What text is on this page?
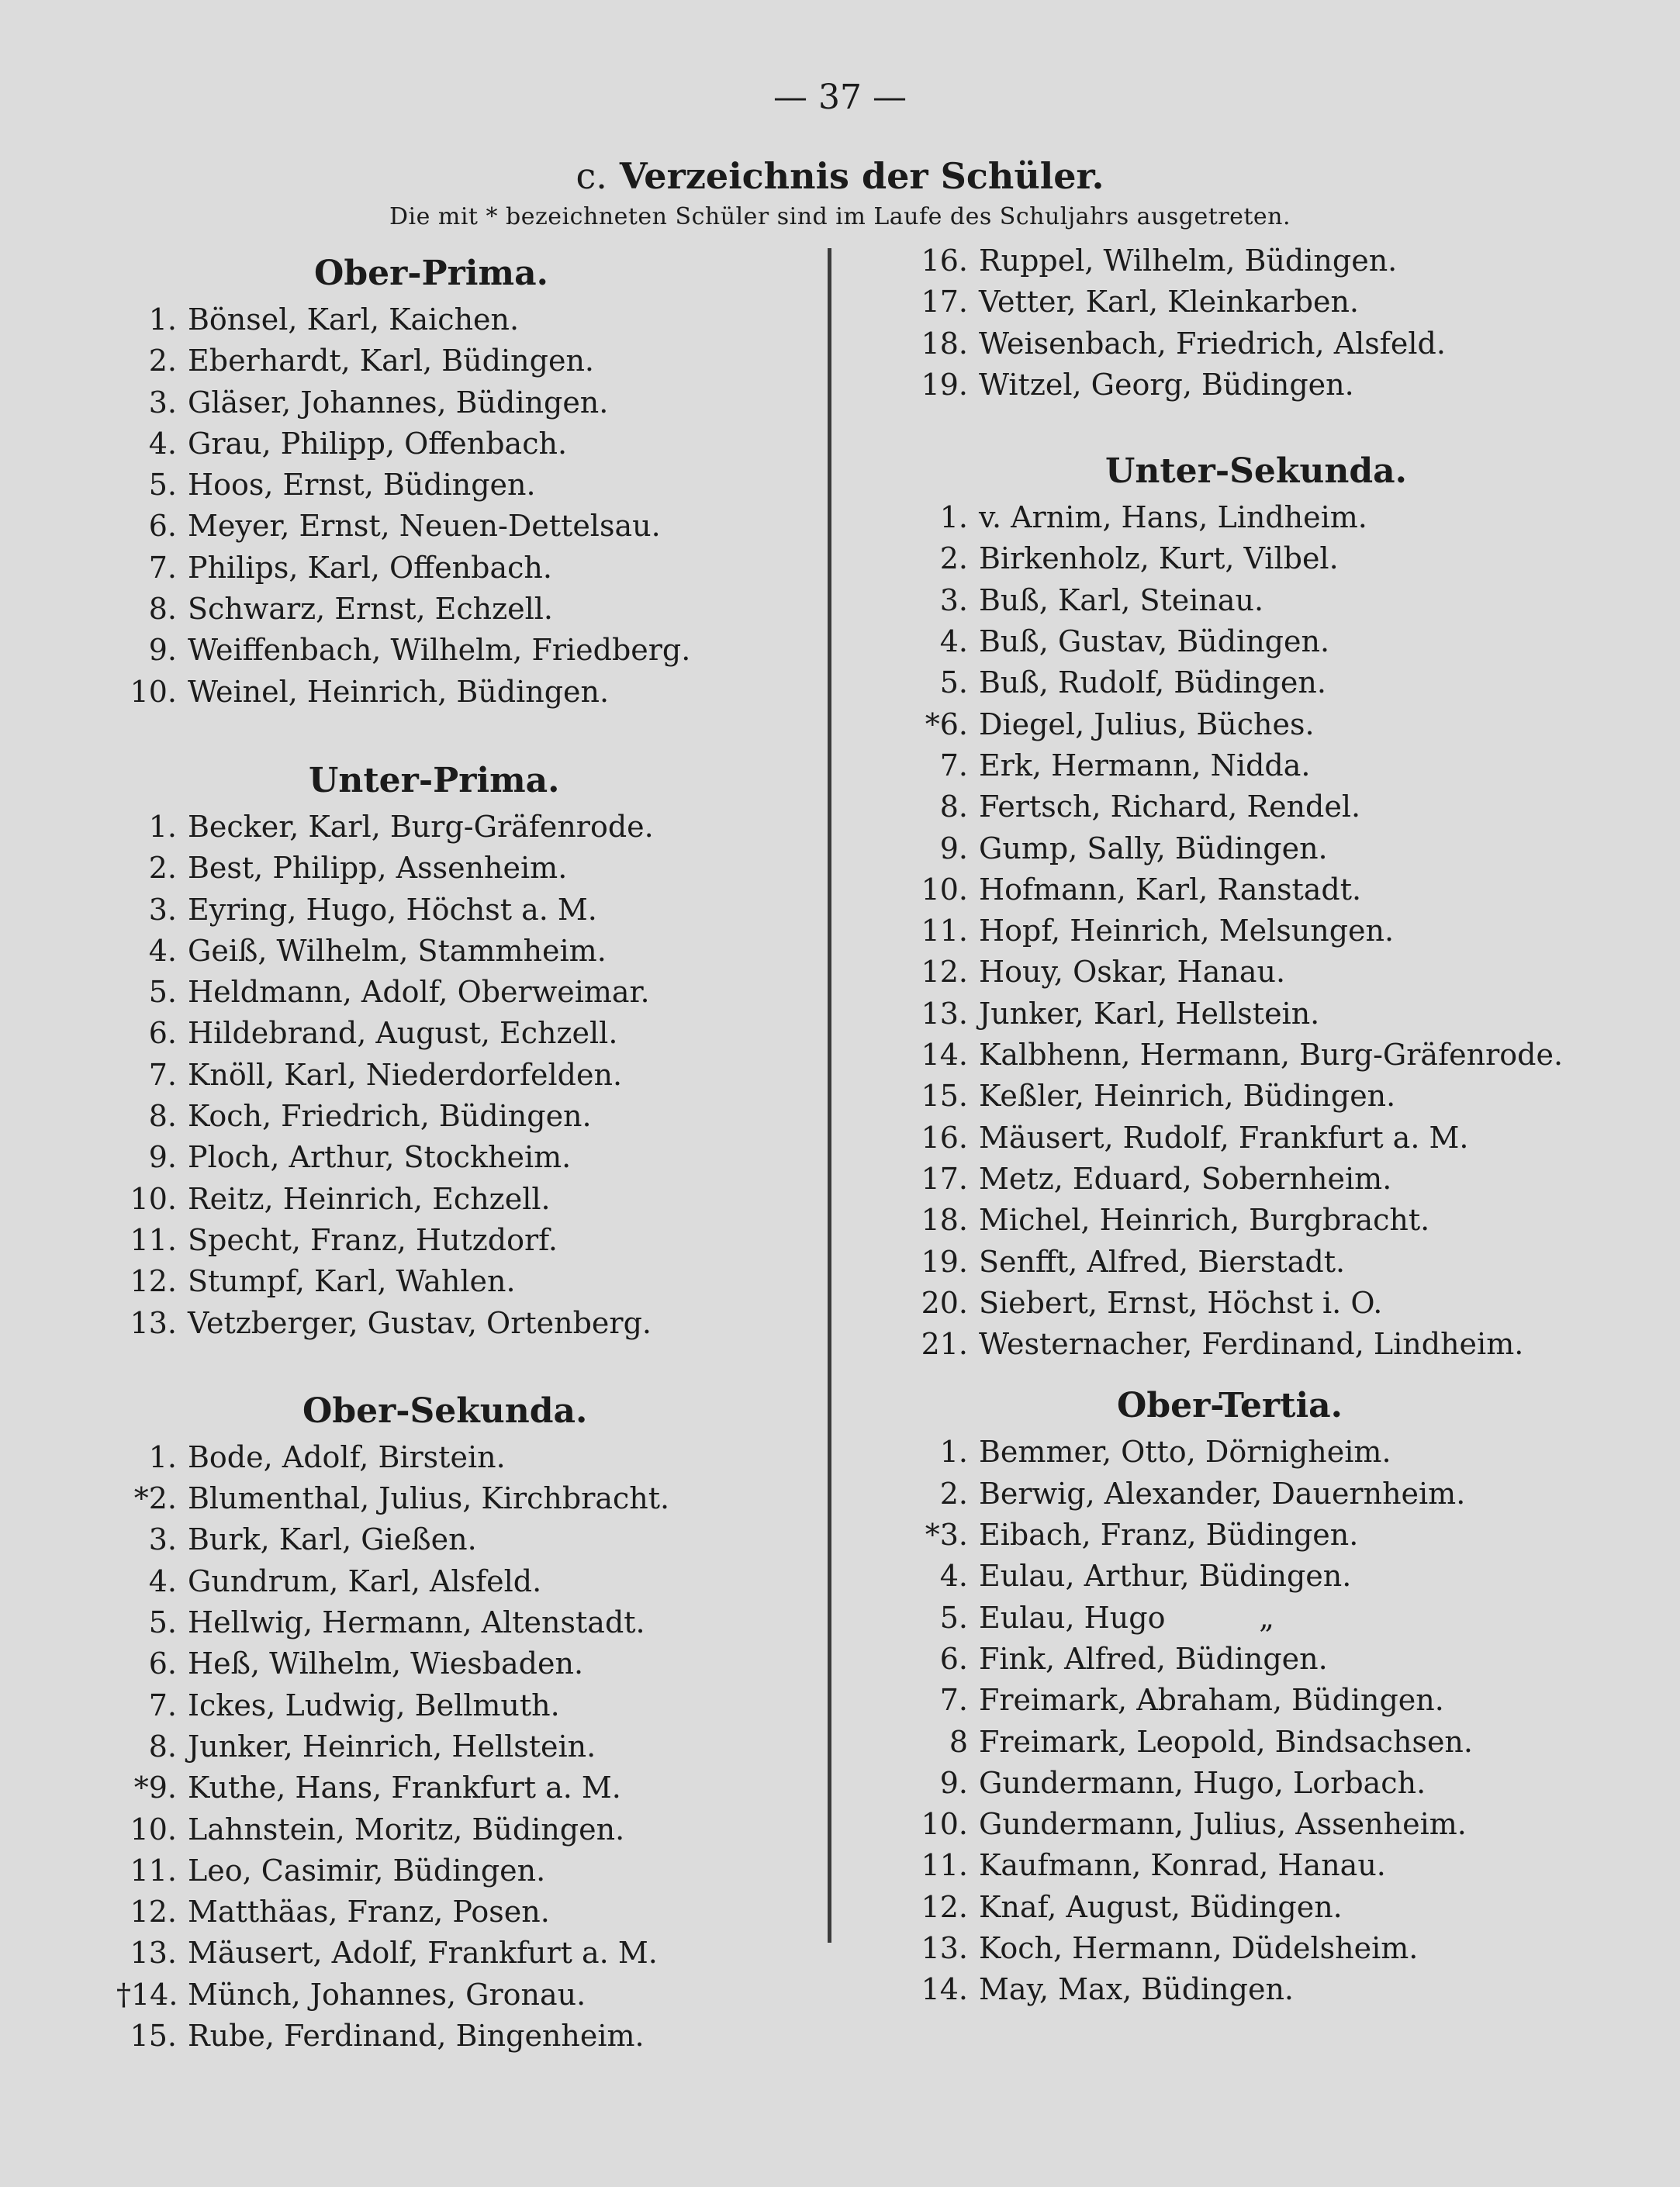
— 37 —
c. Verzeichnis der Schüler.
Die mit * bezeichneten Schüler sind im Laufe des Schuljahrs ausgetreten.
Ober-Prima.
1. Bönsel, Karl, Kaichen.
2. Eberhardt, Karl, Büdingen.
3. Gläser, Johannes, Büdingen.
4. Grau, Philipp, Offenbach.
5. Hoos, Ernst, Büdingen.
6. Meyer, Ernst, Neuen-Dettelsau.
7. Philips, Karl, Offenbach.
8. Schwarz, Ernst, Echzell.
9. Weiffenbach, Wilhelm, Friedberg.
10. Weinel, Heinrich, Büdingen.
Unter-Prima.
1. Becker, Karl, Burg-Gräfenrode.
2. Best, Philipp, Assenheim.
3. Eyring, Hugo, Höchst a. M.
4. Geiß, Wilhelm, Stammheim.
5. Heldmann, Adolf, Oberweimar.
6. Hildebrand, August, Echzell.
7. Knöll, Karl, Niederdorfelden.
8. Koch, Friedrich, Büdingen.
9. Ploch, Arthur, Stockheim.
10. Reitz, Heinrich, Echzell.
11. Specht, Franz, Hutzdorf.
12. Stumpf, Karl, Wahlen.
13. Vetzberger, Gustav, Ortenberg.
Ober-Sekunda.
1. Bode, Adolf, Birstein.
*2. Blumenthal, Julius, Kirchbracht.
3. Burk, Karl, Gießen.
4. Gundrum, Karl, Alsfeld.
5. Hellwig, Hermann, Altenstadt.
6. Heß, Wilhelm, Wiesbaden.
7. Ickes, Ludwig, Bellmuth.
8. Junker, Heinrich, Hellstein.
*9. Kuthe, Hans, Frankfurt a. M.
10. Lahnstein, Moritz, Büdingen.
11. Leo, Casimir, Büdingen.
12. Matthäas, Franz, Posen.
13. Mäusert, Adolf, Frankfurt a. M.
†14. Münch, Johannes, Gronau.
15. Rube, Ferdinand, Bingenheim.
16. Ruppel, Wilhelm, Büdingen.
17. Vetter, Karl, Kleinkarben.
18. Weisenbach, Friedrich, Alsfeld.
19. Witzel, Georg, Büdingen.
Unter-Sekunda.
1. v. Arnim, Hans, Lindheim.
2. Birkenholz, Kurt, Vilbel.
3. Buß, Karl, Steinau.
4. Buß, Gustav, Büdingen.
5. Buß, Rudolf, Büdingen.
*6. Diegel, Julius, Büches.
7. Erk, Hermann, Nidda.
8. Fertsch, Richard, Rendel.
9. Gump, Sally, Büdingen.
10. Hofmann, Karl, Ranstadt.
11. Hopf, Heinrich, Melsungen.
12. Houy, Oskar, Hanau.
13. Junker, Karl, Hellstein.
14. Kalbhenn, Hermann, Burg-Gräfenrode.
15. Keßler, Heinrich, Büdingen.
16. Mäusert, Rudolf, Frankfurt a. M.
17. Metz, Eduard, Sobernheim.
18. Michel, Heinrich, Burgbracht.
19. Senfft, Alfred, Bierstadt.
20. Siebert, Ernst, Höchst i. O.
21. Westernacher, Ferdinand, Lindheim.
Ober-Tertia.
1. Bemmer, Otto, Dörnigheim.
2. Berwig, Alexander, Dauernheim.
*3. Eibach, Franz, Büdingen.
4. Eulau, Arthur, Büdingen.
5. Eulau, Hugo          „
6. Fink, Alfred, Büdingen.
7. Freimark, Abraham, Büdingen.
8 Freimark, Leopold, Bindsachsen.
9. Gundermann, Hugo, Lorbach.
10. Gundermann, Julius, Assenheim.
11. Kaufmann, Konrad, Hanau.
12. Knaf, August, Büdingen.
13. Koch, Hermann, Düdelsheim.
14. May, Max, Büdingen.
